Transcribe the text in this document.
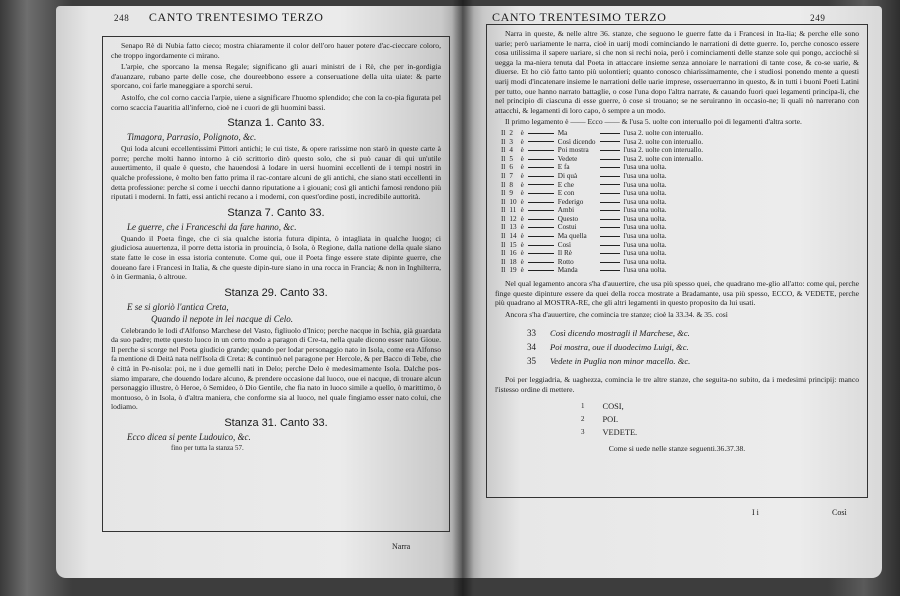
248 CANTO TRENTESIMO TERZO

Senapo Rè di Nubia fatto cieco; mostra chiaramente il color dell'oro hauer potere d'ac-cieccare coloro, che troppo ingordamente ci mirano.

L'arpie, che sporcano la mensa Regale; significano gli auari ministri de i Rè, che per in-gordigia d'auanzare, rubano parte delle cose, che doureebbono essere a conseruatione della uita uiate: & parte sporcano, coi farle maneggiare a sporchi serui.

Astolfo, che col corno caccia l'arpie, uiene a significare l'huomo splendido; che con la co-pia figurata pel corno scaccia l'auaritia all'inferno, cioè ne i cuori de gli huomini bassi.

Stanza 1. Canto 33.
Timagora, Parrasio, Polignoto, &c.

Qui loda alcuni eccellentissimi Pittori antichi; le cui tiste, & opere rarissime non starò in queste carte à porre; perche molti hanno intorno à ciò scrittorio dirò questo solo, che si può cauar di qui un'utile auuertimento, il quale è questo, che hauendosi à lodare in uersi huomini eccellenti de i tempi nostri in qualche professione, è molto ben fatto prima il rac-contare alcuni de gli antichi, che siano stati eccellenti in detta professione: perche sì come i uecchi danno riputatione a i giouani; così gli antichi famosi rendono più riputati i moderni. In fatti, essi antichi recano a i moderni, con quest'ordine posti, incredibile auttorità.

Stanza 7. Canto 33.
Le guerre, che i Franceschi da fare hanno, &c.

Quando il Poeta finge, che ci sia qualche istoria futura dipinta, ò intagliata in qualche luogo; ci giudiciosa auuertenza, il porre detta istoria in prouincia, ò Isola, ò Regione, dalla natione della quale siano state fatte le cose in essa istoria contenute. Come qui, oue il Poeta finge essere state dipinte guerre, che doueano fare i Francesi in Italia, & che queste dipin-ture siano in una rocca in Francia; & non in Inghilterra, ò in Germania, ò altroue.

Stanza 29. Canto 33.
E se si gloriò l'antica Creta,
Quando il nepote in lei nacque di Celo.

Celebrando le lodi d'Alfonso Marchese del Vasto, figliuolo d'Inico; perche nacque in Ischia, già guardata da suo padre; mette questo luoco in un certo modo a paragon di Cre-ta, nella quale dicono esser nato Gioue. Il perche si scorge nel Poeta giudicio grande; quando per lodar personaggio nato in Isola, come era Alfonso fa mentione di Deità nata nell'Isola di Creta: & continuò nel paragone per Hercole, & per Bacco di Tebe, che è città in Pe-nisola: poi, ne i due gemelli nati in Delo; perche Delo è medesimamente Isola. Dalche pos-siamo imparare, che douendo lodare alcuno, & prendere occasione dal luoco, oue ei nacque, di trouare alcun personaggio illustre, ò Heroe, ò Semideo, ò Dio Gentile, che fia nato in luoco simile a quello, ò marittimo, ò montuoso, ò in Isola, ò d'altra maniera, che conforme sia al luoco, nel quale fingiamo esser nato colui, che lodiamo.

Stanza 31. Canto 33.
Ecco dicea si pente Ludouico, &c.
fino per tutta la stanza 57.
Narra
CANTO TRENTESIMO TERZO	249

Narra in queste, & nelle altre 36. stanze, che seguono le guerre fatte da i Francesi in Ita-lia; & perche elle sono uarie; però uariamente le narra, cioè in uarij modi cominciando le narrationi di dette guerre. Io, perche conosco essere cosa utilissima il sapere uariare, si che non si rechi noia, però i cominciamenti delle stanze sole qui pongo, acciochè si uegga la ma-niera tenuta dal Poeta in attaccare insieme senza annoiare le narrationi di tante cose, & co-se uarie, & diuerse. Et ho ciò fatto tanto più uolontieri; quanto conosco chiarissimamente, che i studiosi ponendo mente a questi uarij modi d'incatenare insieme le narrationi delle uarie imprese, osseruerranno in questo, & in tutti i buoni Poeti Latini per tutto, oue hanno narrato battaglie, o cose l'una dopo l'altra narrate, & cauando fuori quei legamenti principa-li, che nel principio di ciascuna di esse guerre, ò cose si trouano; se ne seruiranno in occasio-ne; li quali nò narrerano con attacchi, & legamenti di loro capo, ò sempre a un modo.

Il primo legamento è —— Ecco —— & l'usa 5. uolte con interuallo poi di legamenti d'altra sorte.

Il	2	è		Ma		l'usa 2. uolte con interuallo.
Il	3	è		Così dicendo		l'usa 2. uolte con interuallo.
Il	4	è		Poi mostra		l'usa 2. uolte con interuallo.
Il	5	è		Vedete		l'usa 2. uolte con interuallo.
Il	6	è		E fa		l'usa una uolta.
Il	7	è		Di quà		l'usa una uolta.
Il	8	è		E che		l'usa una uolta.
Il	9	è		E con		l'usa una uolta.
Il	10	è		Federigo		l'usa una uolta.
Il	11	è		Ambi		l'usa una uolta.
Il	12	è		Questo		l'usa una uolta.
Il	13	è		Costui		l'usa una uolta.
Il	14	è		Ma quella		l'usa una uolta.
Il	15	è		Così		l'usa una uolta.
Il	16	è		Il Rè		l'usa una uolta.
Il	18	è		Rotto		l'usa una uolta.
Il	19	è		Manda		l'usa una uolta.

Nel qual legamento ancora s'ha d'auuertire, che usa più spesso quei, che quadrano me-glio all'atto: come qui, perche finge queste dipinture essere da quei della rocca mostrate a Bradamante, usa più spesso, ECCO, & VEDETE, perche più quadrano al MOSTRA-RE, che gli altri legamenti in questo proposito da lui usati.

Ancora s'ha d'auuertire, che comincia tre stanze; cioè la 33.34. & 35. così

33	Così dicendo mostragli il Marchese, &c.
34	Poi mostra, oue il duodecimo Luigi, &c.
35	Vedete in Puglia non minor macello. &c.

Poi per leggiadria, & uaghezza, comincia le tre altre stanze, che seguita-no subito, da i medesimi principij: manco l'istesso ordine di mettere.

1	COSI,
2	POI.
3	VEDETE.
Come si uede nelle stanze seguenti.36.37.38.
I i	Così
